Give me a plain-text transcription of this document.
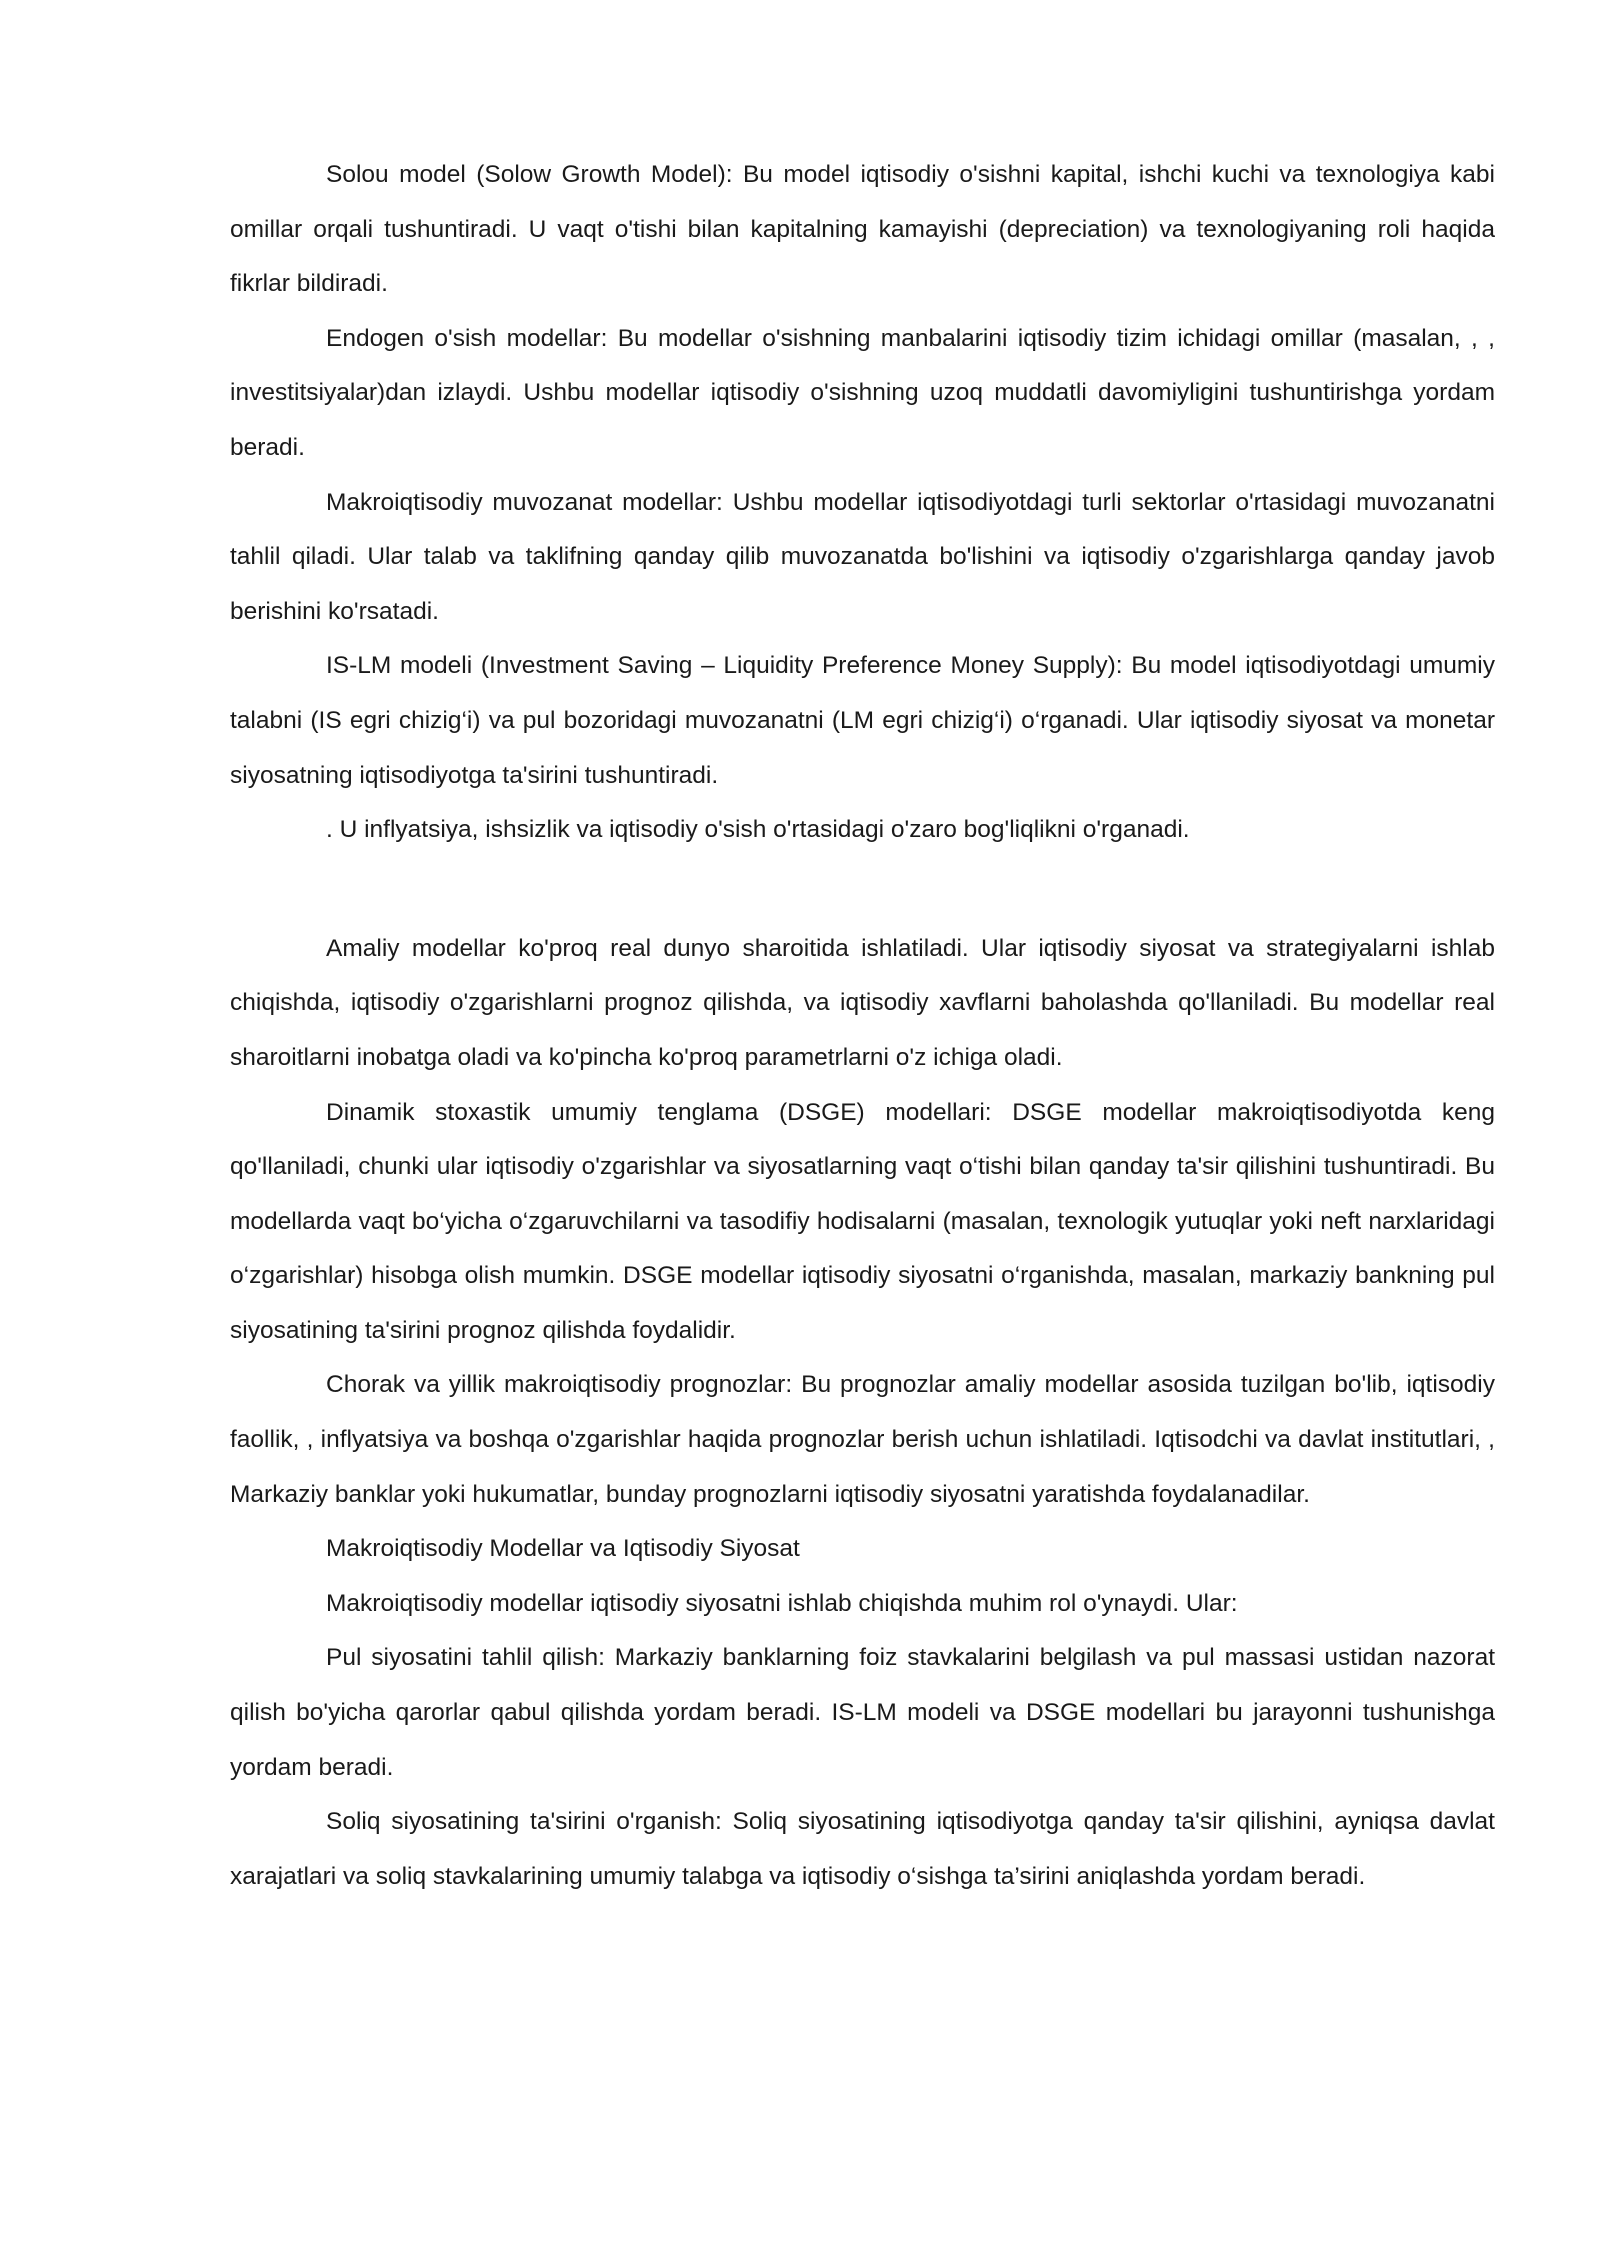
Solou model (Solow Growth Model): Bu model iqtisodiy o'sishni kapital, ishchi kuchi va texnologiya kabi omillar orqali tushuntiradi. U vaqt o'tishi bilan kapitalning kamayishi (depreciation) va texnologiyaning roli haqida fikrlar bildiradi.

Endogen o'sish modellar: Bu modellar o'sishning manbalarini iqtisodiy tizim ichidagi omillar (masalan, , , investitsiyalar)dan izlaydi. Ushbu modellar iqtisodiy o'sishning uzoq muddatli davomiyligini tushuntirishga yordam beradi.

Makroiqtisodiy muvozanat modellar: Ushbu modellar iqtisodiyotdagi turli sektorlar o'rtasidagi muvozanatni tahlil qiladi. Ular talab va taklifning qanday qilib muvozanatda bo'lishini va iqtisodiy o'zgarishlarga qanday javob berishini ko'rsatadi.

IS-LM modeli (Investment Saving – Liquidity Preference Money Supply): Bu model iqtisodiyotdagi umumiy talabni (IS egri chizig‘i) va pul bozoridagi muvozanatni (LM egri chizig‘i) o‘rganadi. Ular iqtisodiy siyosat va monetar siyosatning iqtisodiyotga ta'sirini tushuntiradi.

. U inflyatsiya, ishsizlik va iqtisodiy o'sish o'rtasidagi o'zaro bog'liqlikni o'rganadi.

Amaliy modellar ko'proq real dunyo sharoitida ishlatiladi. Ular iqtisodiy siyosat va strategiyalarni ishlab chiqishda, iqtisodiy o'zgarishlarni prognoz qilishda, va iqtisodiy xavflarni baholashda qo'llaniladi. Bu modellar real sharoitlarni inobatga oladi va ko'pincha ko'proq parametrlarni o'z ichiga oladi.

Dinamik stoxastik umumiy tenglama (DSGE) modellari: DSGE modellar makroiqtisodiyotda keng qo'llaniladi, chunki ular iqtisodiy o'zgarishlar va siyosatlarning vaqt o‘tishi bilan qanday ta'sir qilishini tushuntiradi. Bu modellarda vaqt bo‘yicha o‘zgaruvchilarni va tasodifiy hodisalarni (masalan, texnologik yutuqlar yoki neft narxlaridagi o‘zgarishlar) hisobga olish mumkin. DSGE modellar iqtisodiy siyosatni o‘rganishda, masalan, markaziy bankning pul siyosatining ta'sirini prognoz qilishda foydalidir.

Chorak va yillik makroiqtisodiy prognozlar: Bu prognozlar amaliy modellar asosida tuzilgan bo'lib, iqtisodiy faollik, , inflyatsiya va boshqa o'zgarishlar haqida prognozlar berish uchun ishlatiladi. Iqtisodchi va davlat institutlari, , Markaziy banklar yoki hukumatlar, bunday prognozlarni iqtisodiy siyosatni yaratishda foydalanadilar.

Makroiqtisodiy Modellar va Iqtisodiy Siyosat

Makroiqtisodiy modellar iqtisodiy siyosatni ishlab chiqishda muhim rol o'ynaydi. Ular:

Pul siyosatini tahlil qilish: Markaziy banklarning foiz stavkalarini belgilash va pul massasi ustidan nazorat qilish bo'yicha qarorlar qabul qilishda yordam beradi. IS-LM modeli va DSGE modellari bu jarayonni tushunishga yordam beradi.

Soliq siyosatining ta'sirini o'rganish: Soliq siyosatining iqtisodiyotga qanday ta'sir qilishini, ayniqsa davlat xarajatlari va soliq stavkalarining umumiy talabga va iqtisodiy o‘sishga ta’sirini aniqlashda yordam beradi.
